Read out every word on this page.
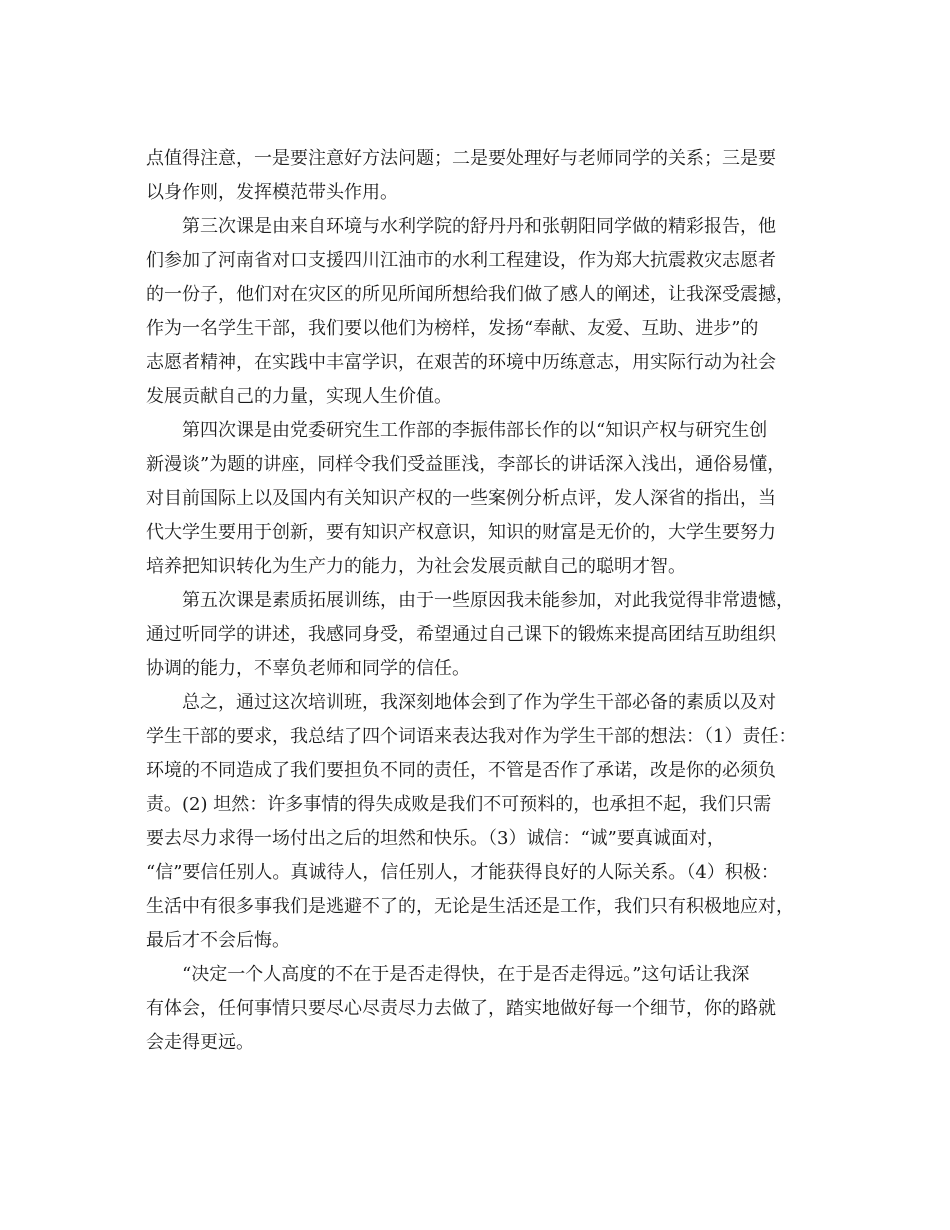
点值得注意，一是要注意好方法问题；二是要处理好与老师同学的关系；三是要
以身作则，发挥模范带头作用。
第三次课是由来自环境与水利学院的舒丹丹和张朝阳同学做的精彩报告，他
们参加了河南省对口支援四川江油市的水利工程建设，作为郑大抗震救灾志愿者
的一份子，他们对在灾区的所见所闻所想给我们做了感人的阐述，让我深受震撼，
作为一名学生干部，我们要以他们为榜样，发扬“奉献、友爱、互助、进步”的
志愿者精神，在实践中丰富学识，在艰苦的环境中历练意志，用实际行动为社会
发展贡献自己的力量，实现人生价值。
第四次课是由党委研究生工作部的李振伟部长作的以“知识产权与研究生创
新漫谈”为题的讲座，同样令我们受益匪浅，李部长的讲话深入浅出，通俗易懂，
对目前国际上以及国内有关知识产权的一些案例分析点评，发人深省的指出，当
代大学生要用于创新，要有知识产权意识，知识的财富是无价的，大学生要努力
培养把知识转化为生产力的能力，为社会发展贡献自己的聪明才智。
第五次课是素质拓展训练，由于一些原因我未能参加，对此我觉得非常遗憾，
通过听同学的讲述，我感同身受，希望通过自己课下的锻炼来提高团结互助组织
协调的能力，不辜负老师和同学的信任。
总之，通过这次培训班，我深刻地体会到了作为学生干部必备的素质以及对
学生干部的要求，我总结了四个词语来表达我对作为学生干部的想法：（1）责任：
环境的不同造成了我们要担负不同的责任，不管是否作了承诺，改是你的必须负
责。(2) 坦然：许多事情的得失成败是我们不可预料的，也承担不起，我们只需
要去尽力求得一场付出之后的坦然和快乐。（3）诚信：“诚”要真诚面对，
“信”要信任别人。真诚待人，信任别人，才能获得良好的人际关系。（4）积极：
生活中有很多事我们是逃避不了的，无论是生活还是工作，我们只有积极地应对，
最后才不会后悔。
“决定一个人高度的不在于是否走得快，在于是否走得远。”这句话让我深
有体会，任何事情只要尽心尽责尽力去做了，踏实地做好每一个细节，你的路就
会走得更远。
